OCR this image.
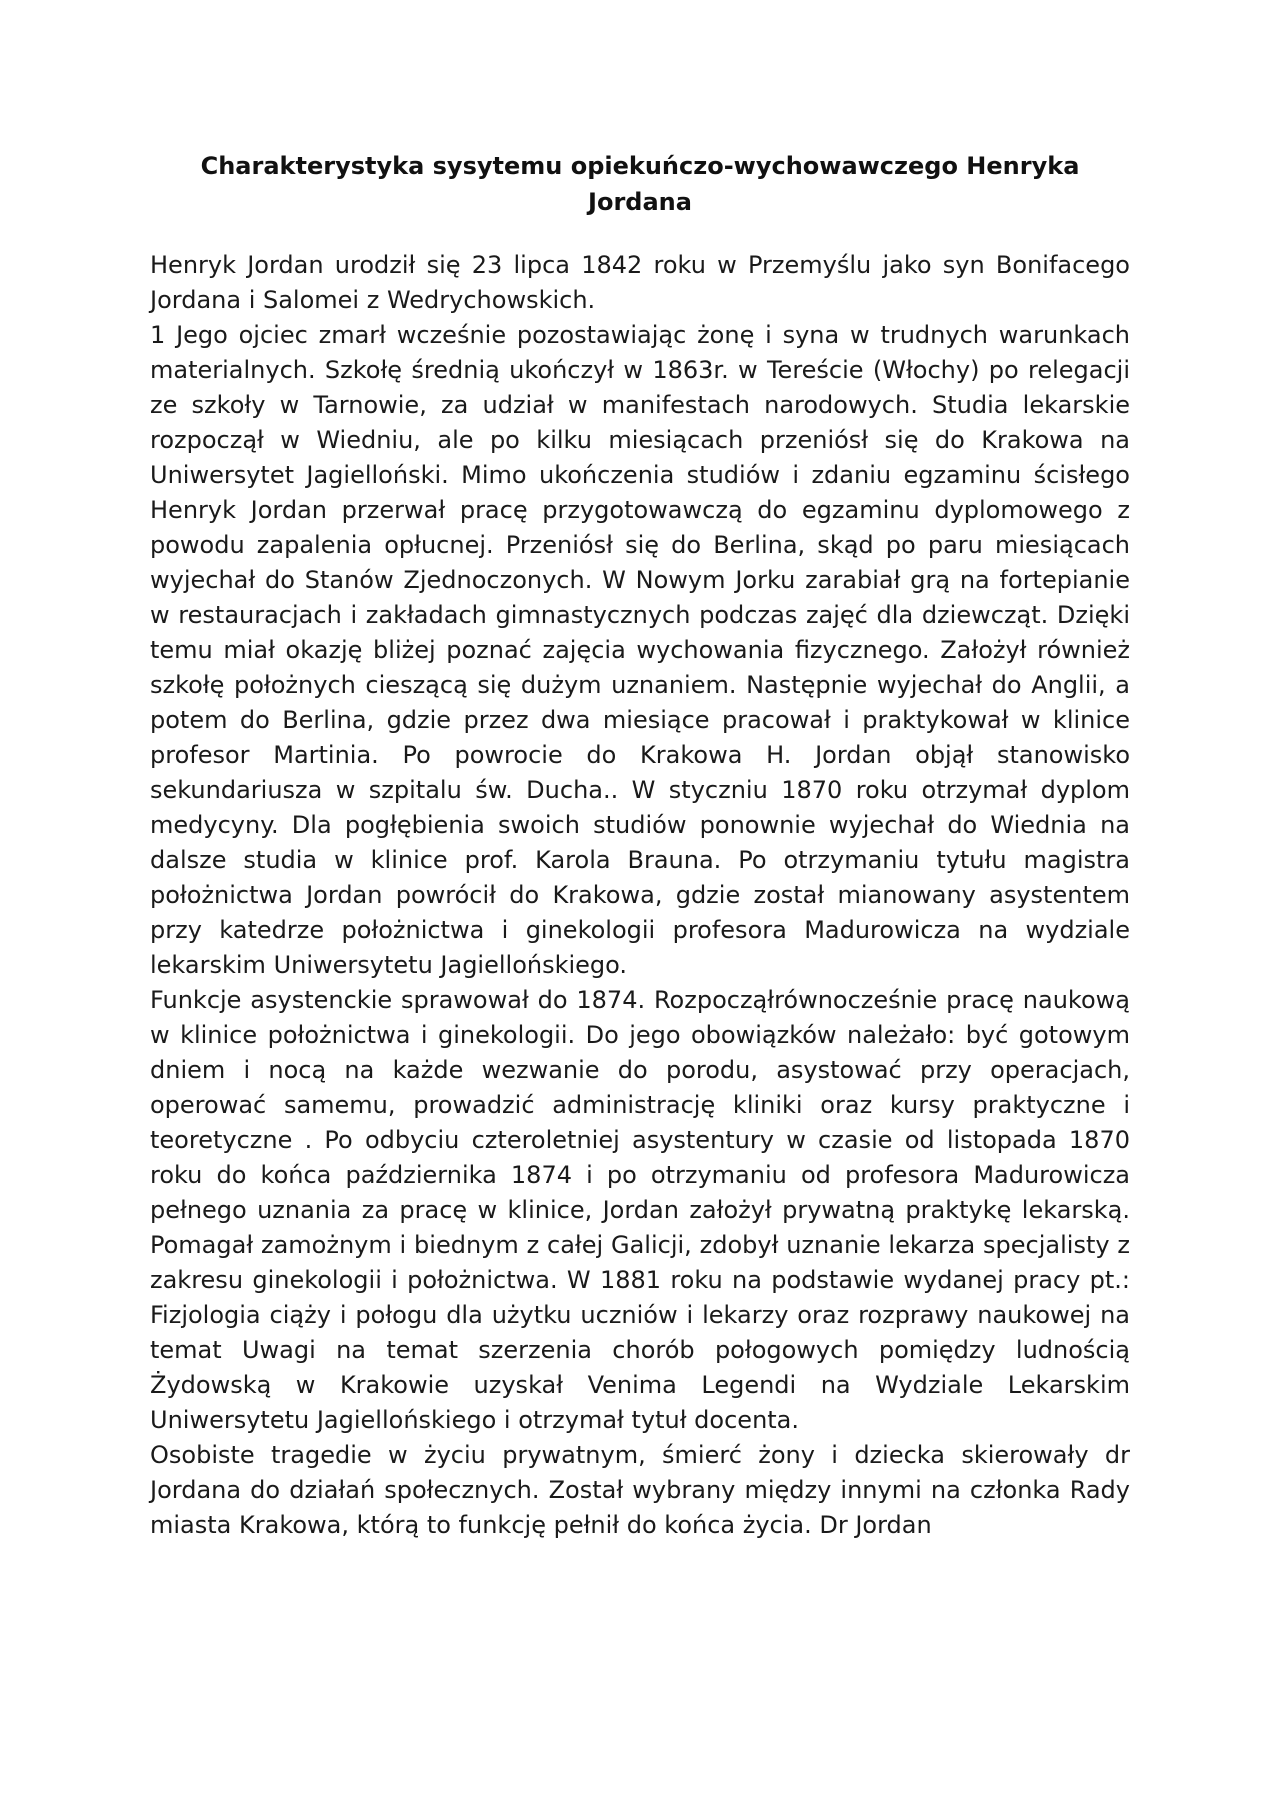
Charakterystyka sysytemu opiekuńczo-wychowawczego Henryka Jordana

Henryk Jordan urodził się 23 lipca 1842 roku w Przemyślu jako syn Bonifacego Jordana i Salomei z Wedrychowskich.

1 Jego ojciec zmarł wcześnie pozostawiając żonę i syna w trudnych warunkach materialnych. Szkołę średnią ukończył w 1863r. w Tereście (Włochy) po relegacji ze szkoły w Tarnowie, za udział w manifestach narodowych. Studia lekarskie rozpoczął w Wiedniu, ale po kilku miesiącach przeniósł się do Krakowa na Uniwersytet Jagielloński. Mimo ukończenia studiów i zdaniu egzaminu ścisłego Henryk Jordan przerwał pracę przygotowawczą do egzaminu dyplomowego z powodu zapalenia opłucnej. Przeniósł się do Berlina, skąd po paru miesiącach wyjechał do Stanów Zjednoczonych. W Nowym Jorku zarabiał grą na fortepianie w restauracjach i zakładach gimnastycznych podczas zajęć dla dziewcząt. Dzięki temu miał okazję bliżej poznać zajęcia wychowania fizycznego. Założył również szkołę położnych cieszącą się dużym uznaniem. Następnie wyjechał do Anglii, a potem do Berlina, gdzie przez dwa miesiące pracował i praktykował w klinice profesor Martinia. Po powrocie do Krakowa H. Jordan objął stanowisko sekundariusza w szpitalu św. Ducha.. W styczniu 1870 roku otrzymał dyplom medycyny. Dla pogłębienia swoich studiów ponownie wyjechał do Wiednia na dalsze studia w klinice prof. Karola Brauna. Po otrzymaniu tytułu magistra położnictwa Jordan powrócił do Krakowa, gdzie został mianowany asystentem przy katedrze położnictwa i ginekologii profesora Madurowicza na wydziale lekarskim Uniwersytetu Jagiellońskiego.

Funkcje asystenckie sprawował do 1874. Rozpocząłrównocześnie pracę naukową w klinice położnictwa i ginekologii. Do jego obowiązków należało: być gotowym dniem i nocą na każde wezwanie do porodu, asystować przy operacjach, operować samemu, prowadzić administrację kliniki oraz kursy praktyczne i teoretyczne . Po odbyciu czteroletniej asystentury w czasie od listopada 1870 roku do końca października 1874 i po otrzymaniu od profesora Madurowicza pełnego uznania za pracę w klinice, Jordan założył prywatną praktykę lekarską. Pomagał zamożnym i biednym z całej Galicji, zdobył uznanie lekarza specjalisty z zakresu ginekologii i położnictwa. W 1881 roku na podstawie wydanej pracy pt.: Fizjologia ciąży i połogu dla użytku uczniów i lekarzy oraz rozprawy naukowej na temat Uwagi na temat szerzenia chorób połogowych pomiędzy ludnością Żydowską w Krakowie uzyskał Venima Legendi na Wydziale Lekarskim Uniwersytetu Jagiellońskiego i otrzymał tytuł docenta.

Osobiste tragedie w życiu prywatnym, śmierć żony i dziecka skierowały dr Jordana do działań społecznych. Został wybrany między innymi na członka Rady miasta Krakowa, którą to funkcję pełnił do końca życia. Dr Jordan
